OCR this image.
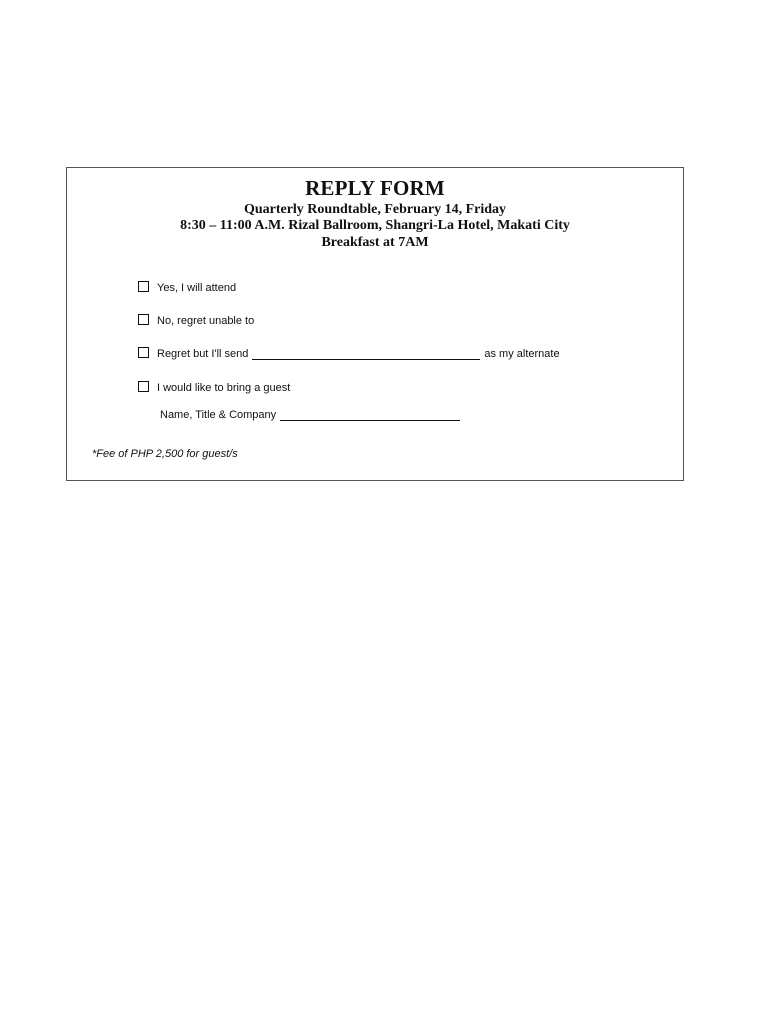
REPLY FORM
Quarterly Roundtable, February 14, Friday
8:30 – 11:00 A.M. Rizal Ballroom, Shangri-La Hotel, Makati City
Breakfast at 7AM
Yes, I will attend
No, regret unable to
Regret but I'll send	as my alternate
I would like to bring a guest
Name, Title & Company
*Fee of PHP 2,500 for guest/s
